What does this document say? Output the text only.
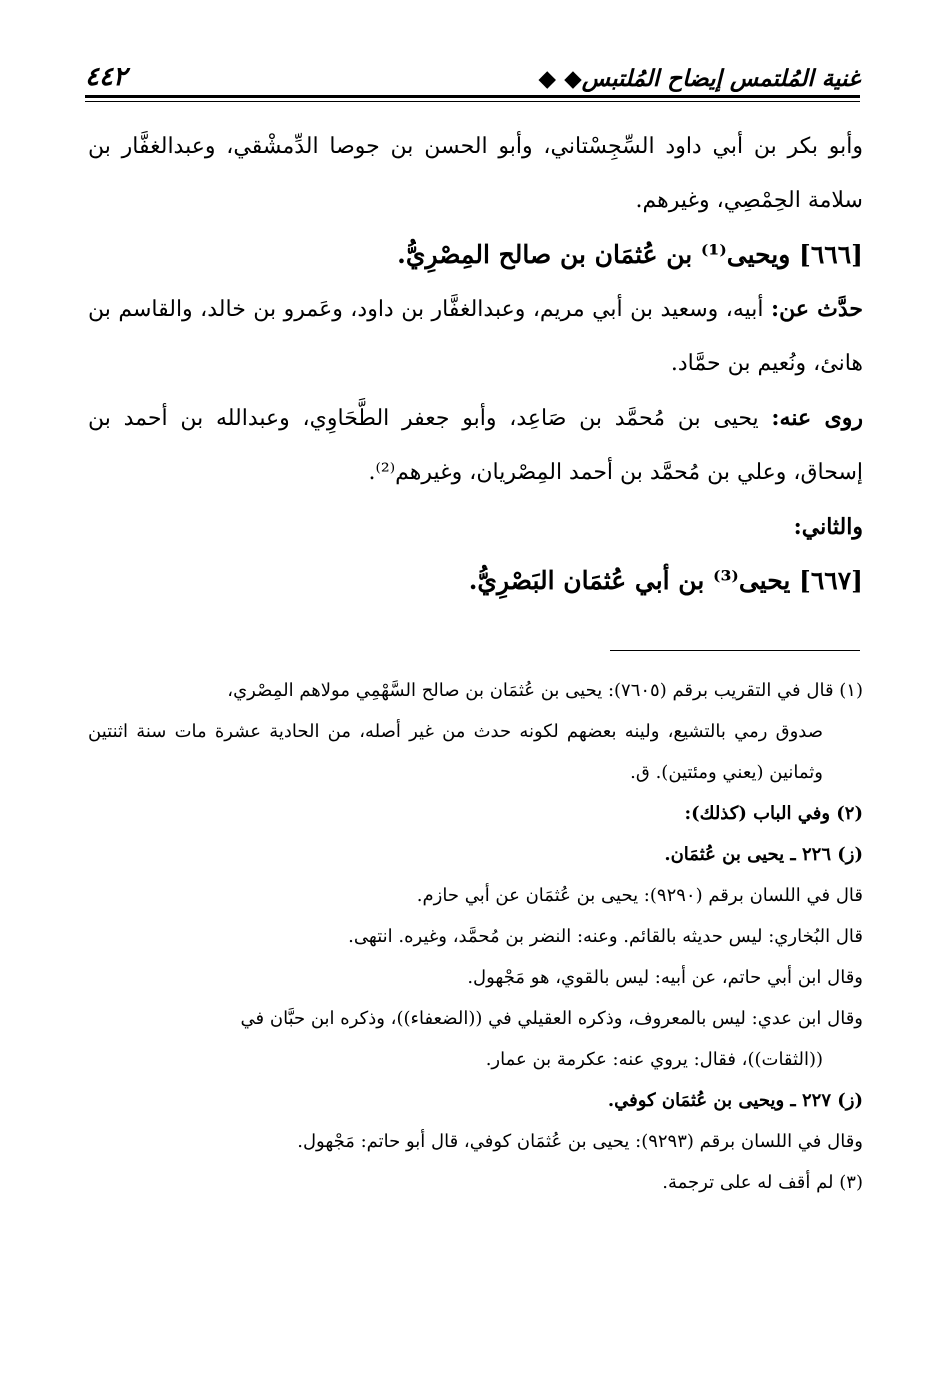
٤٤٢	غنية المُلتمس إيضاح المُلتبس◆ ◆

وأبو بكر بن أبي داود السِّجِسْتاني، وأبو الحسن بن جوصا الدِّمشْقي، وعبدالغفَّار بن سلامة الحِمْصِي، وغيرهم.

[٦٦٦] ويحيى⁽¹⁾ بن عُثمَان بن صالح المِصْرِيُّ.

حدَّث عن: أبيه، وسعيد بن أبي مريم، وعبدالغفَّار بن داود، وعَمرو بن خالد، والقاسم بن هانئ، ونُعيم بن حمَّاد.

روى عنه: يحيى بن مُحمَّد بن صَاعِد، وأبو جعفر الطَّحَاوِي، وعبدالله بن أحمد بن إسحاق، وعلي بن مُحمَّد بن أحمد المِصْريان، وغيرهم⁽²⁾.

والثاني:

[٦٦٧] يحيى⁽³⁾ بن أبي عُثمَان البَصْرِيُّ.

(١) قال في التقريب برقم (٧٦٠٥): يحيى بن عُثمَان بن صالح السَّهْمِي مولاهم المِصْري،

صدوق رمي بالتشيع، ولينه بعضهم لكونه حدث من غير أصله، من الحادية عشرة مات سنة اثنتين وثمانين (يعني ومئتين). ق.

(٢) وفي الباب (كذلك):

(ز) ٢٢٦ ـ يحيى بن عُثمَان.

قال في اللسان برقم (٩٢٩٠): يحيى بن عُثمَان عن أبي حازم.

قال البُخاري: ليس حديثه بالقائم. وعنه: النضر بن مُحمَّد، وغيره. انتهى.

وقال ابن أبي حاتم، عن أبيه: ليس بالقوي، هو مَجْهول.

وقال ابن عدي: ليس بالمعروف، وذكره العقيلي في ((الضعفاء))، وذكره ابن حبَّان في

((الثقات))، فقال: يروي عنه: عكرمة بن عمار.

(ز) ٢٢٧ ـ ويحيى بن عُثمَان كوفي.

وقال في اللسان برقم (٩٢٩٣): يحيى بن عُثمَان كوفي، قال أبو حاتم: مَجْهول.

(٣) لم أقف له على ترجمة.
